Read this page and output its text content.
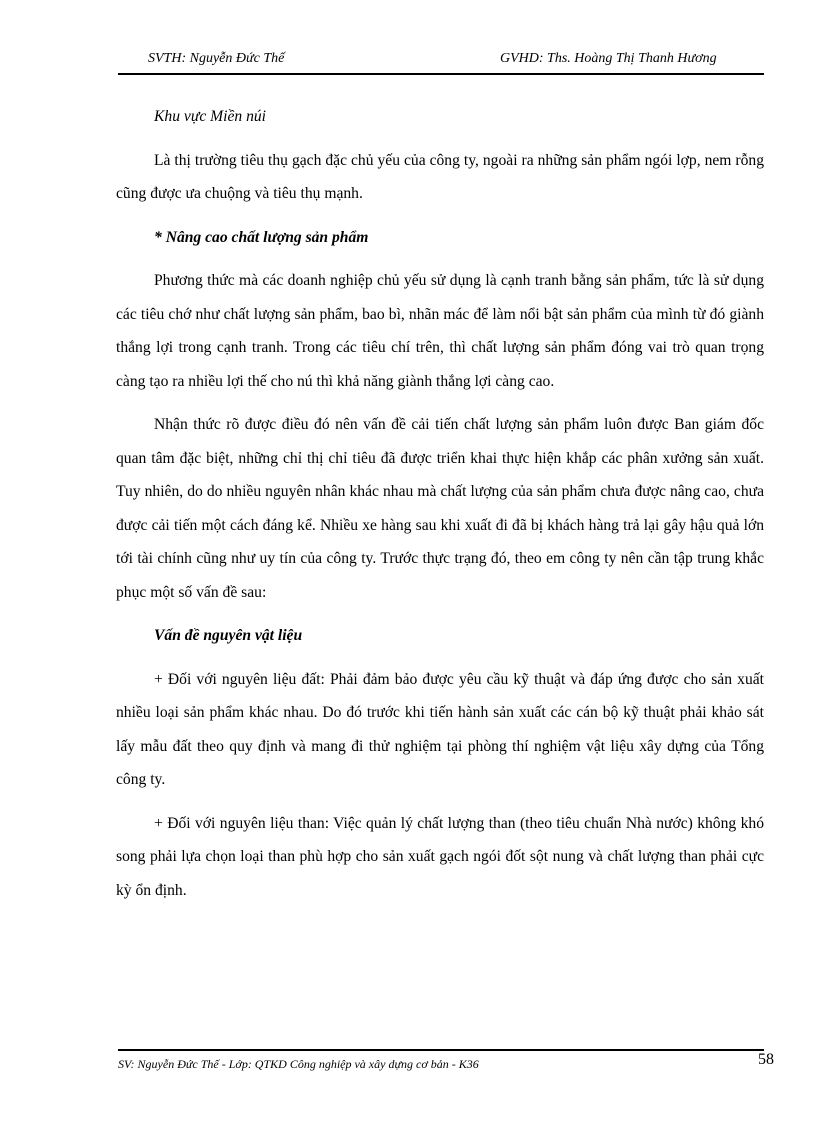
SVTH: Nguyễn Đức Thế	GVHD: Ths. Hoàng Thị Thanh Hương

Khu vực Miền núi

Là thị trường tiêu thụ gạch đặc chủ yếu của công ty, ngoài ra những sản phẩm ngói lợp, nem rỗng cũng được ưa chuộng và tiêu thụ mạnh.

* Nâng cao chất lượng sản phẩm

Phương thức mà các doanh nghiệp chủ yếu sử dụng là cạnh tranh bằng sản phẩm, tức là sử dụng các tiêu chớ như chất lượng sản phẩm, bao bì, nhãn mác để làm nổi bật sản phẩm của mình từ đó giành thắng lợi trong cạnh tranh. Trong các tiêu chí trên, thì chất lượng sản phẩm đóng vai trò quan trọng càng tạo ra nhiều lợi thế cho nú thì khả năng giành thắng lợi càng cao.

Nhận thức rõ được điều đó nên vấn đề cải tiến chất lượng sản phẩm luôn được Ban giám đốc quan tâm đặc biệt, những chỉ thị chỉ tiêu đã được triển khai thực hiện khắp các phân xưởng sản xuất. Tuy nhiên, do do nhiều nguyên nhân khác nhau mà chất lượng của sản phẩm chưa được nâng cao, chưa được cải tiến một cách đáng kể. Nhiều xe hàng sau khi xuất đi đã bị khách hàng trả lại gây hậu quả lớn tới tài chính cũng như uy tín của công ty. Trước thực trạng đó, theo em công ty nên cần tập trung khắc phục một số vấn đề sau:

Vấn đề nguyên vật liệu

+ Đối với nguyên liệu đất: Phải đảm bảo được yêu cầu kỹ thuật và đáp ứng được cho sản xuất nhiều loại sản phẩm khác nhau. Do đó trước khi tiến hành sản xuất các cán bộ kỹ thuật phải khảo sát lấy mẫu đất theo quy định và mang đi thử nghiệm tại phòng thí nghiệm vật liệu xây dựng của Tổng công ty.

+ Đối với nguyên liệu than: Việc quản lý chất lượng than (theo tiêu chuẩn Nhà nước) không khó song phải lựa chọn loại than phù hợp cho sản xuất gạch ngói đốt sột nung và chất lượng than phải cực kỳ ổn định.

SV: Nguyễn Đức Thế - Lớp: QTKD Công nghiệp và xây dựng cơ bản - K36	58
